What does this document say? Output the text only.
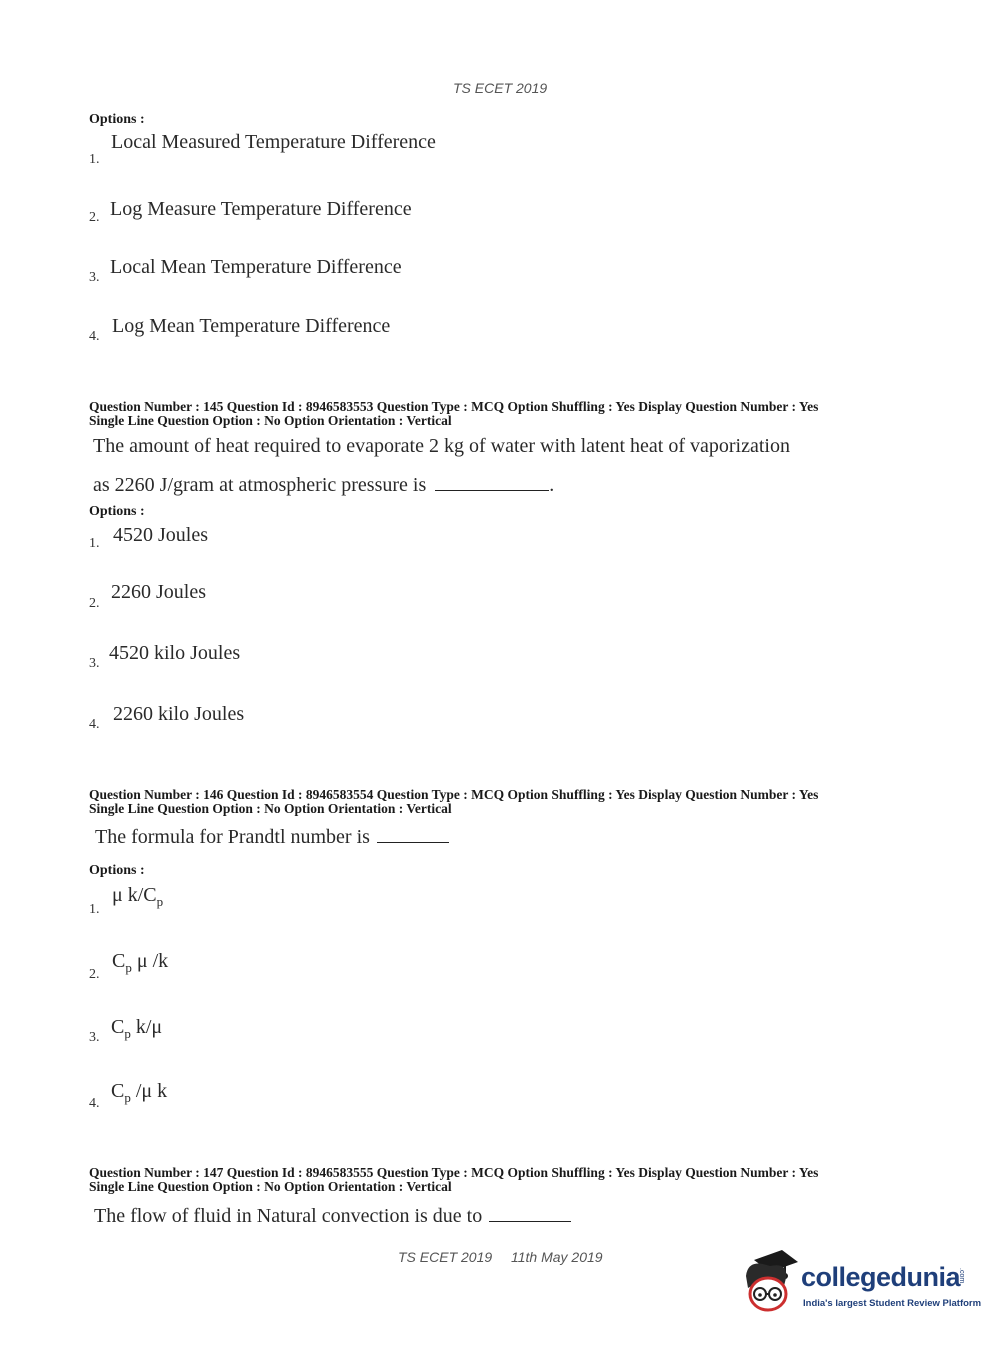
TS ECET 2019
Options :
1.
Local Measured Temperature Difference
2. Log Measure Temperature Difference
3. Local Mean Temperature Difference
4. Log Mean Temperature Difference
Question Number : 145 Question Id : 8946583553 Question Type : MCQ Option Shuffling : Yes Display Question Number : Yes
Single Line Question Option : No Option Orientation : Vertical
The amount of heat required to evaporate 2 kg of water with latent heat of vaporization
as 2260 J/gram at atmospheric pressure is	.
Options :
1. 4520 Joules
2.
2260 Joules
3. 4520 kilo Joules
4. 2260 kilo Joules
Question Number : 146 Question Id : 8946583554 Question Type : MCQ Option Shuffling : Yes Display Question Number : Yes
Single Line Question Option : No Option Orientation : Vertical
The formula for Prandtl number is
Options :
1.
μ $k/C_p$
2.
$C_p$ μ /k
3. $C_p$ k/μ
4.
$C_p$ /μ k
Question Number : 147 Question Id : 8946583555 Question Type : MCQ Option Shuffling : Yes Display Question Number : Yes
Single Line Question Option : No Option Orientation : Vertical
The flow of fluid in Natural convection is due to
TS ECET 2019 11th May 2019
collegedunia
.com
India's largest Student Review Platform
